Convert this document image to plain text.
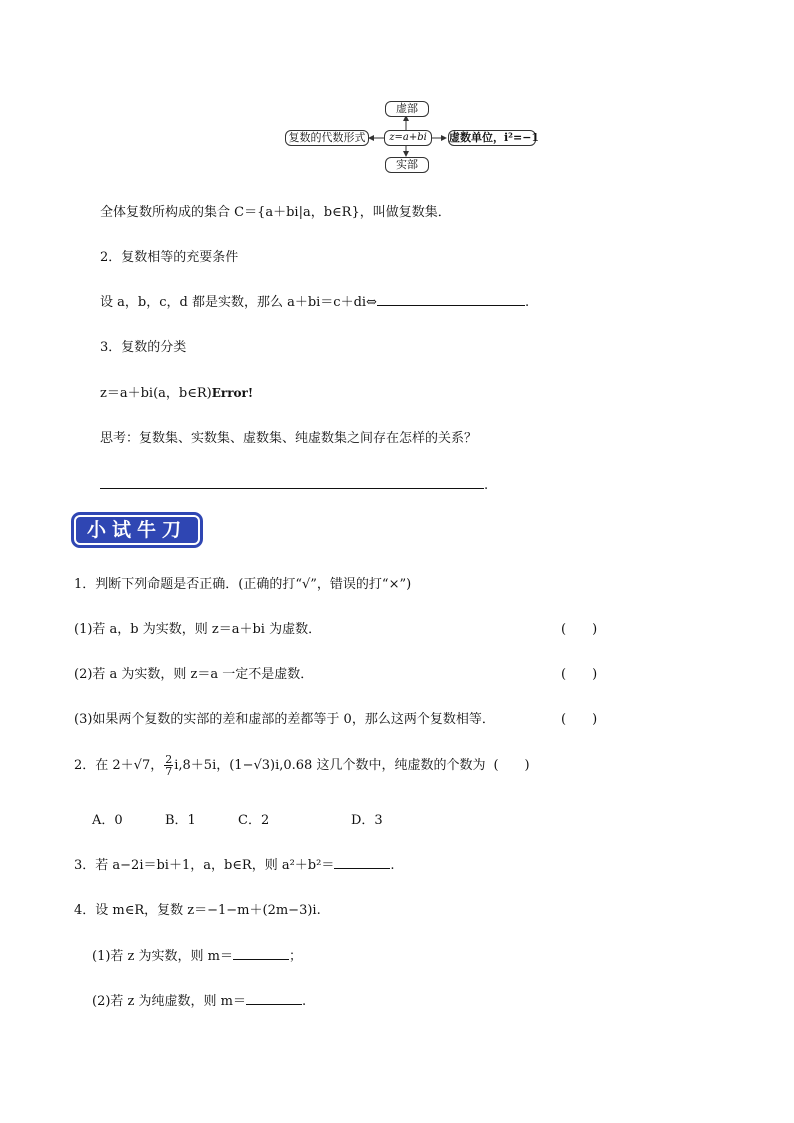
虚部
z=a+bi
复数的代数形式	虚数单位，i²=−1
实部
全体复数所构成的集合 C＝{a＋bi|a，b∈R}，叫做复数集．
2．复数相等的充要条件
设 a，b，c，d 都是实数，那么 a＋bi＝c＋di⇔	.
3．复数的分类
z＝a＋bi(a，b∈R)Error!
思考：复数集、实数集、虚数集、纯虚数集之间存在怎样的关系？
.
小试牛刀
1．判断下列命题是否正确．(正确的打“√”，错误的打“×”)
(1)若 a，b 为实数，则 z＝a＋bi 为虚数．	(　　)
(2)若 a 为实数，则 z＝a 一定不是虚数．	(　　)
(3)如果两个复数的实部的差和虚部的差都等于 0，那么这两个复数相等．	(　　)
2．在 2＋√7， $\frac{2}{7} i,8+5i$，(1−√3)i,0.68 这几个数中，纯虚数的个数为 (　　)
A．0	B．1	C．2	D．3
3．若 a−2i＝bi＋1，a，b∈R，则 a²＋b²＝	.
4．设 m∈R，复数 z＝−1−m＋(2m−3)i.
(1)若 z 为实数，则 m＝	；
(2)若 z 为纯虚数，则 m＝	.
